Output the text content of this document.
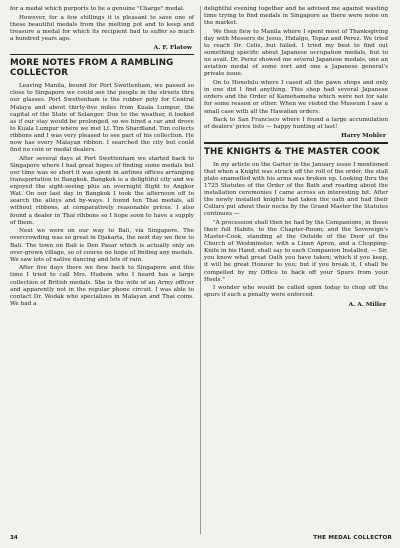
for a medal which purports to be a genuine "Charge" medal.

However, for a few shillings it is pleasant to save one of these beautiful medals from the melting pot and to keep and treasure a medal for which its recipient had to suffer so much a hundred years ago.

A. F. Flatow
MORE NOTES FROM A RAMBLING COLLECTOR

Leaving Manila, bound for Port Swettenham, we passed so close to Singapore we could see the people in the streets thru our glasses. Port Swettenham is the rubber poty for Central Malaya and about thirty-five miles from Kuala Lumpur, the capital of the State of Selangor. Due to the weather, it looked as if our stay would be prolonged, so we hired a car and drove to Kuala Lumpur where we met Lt. Tim Shardland. Tim collects ribbons and I was very pleased to see part of his collection. He now has every Malayan ribbon. I searched the city but could find no coin or medal dealers.

After several days at Port Swettenham we started back to Singapore where I had great hopes of finding some medals but our time was so short it was spent in airlines offices arranging transportation to Bangkok. Bangkok is a delightful city and we enjoyed the sight-seeing plus an overnight flight to Angkor Wat. On our last day in Bangkok I took the afternoon off to search the alleys and by-ways. I found ten Thai medals, all without ribbons, at comparatively reasonable prices. I also found a dealer in Thai ribbons so I hope soon to have a supply of them.

Next we were on our way to Bali, via Singapore. The overcrowding was so great in Djakarta, the next day we flew to Bali. The town on Bali is Den Pasar which is actually only an over-grown village, so of course no hope of finding any medals. We saw lots of native dancing and lots of rain.

After five days there we flew back to Singapore and this time I tried to call Mrs. Hudson who I heard has a large collection of British medals. She is the wife of an Army officer and apparently not in the regular phone circuit. I was able to contact Dr. Wodak who specializes in Malayan and Thai coins. We had a

delightful evening together and he advised me against wasting time trying to find medals in Singapore as there were none on the market.

We then flew to Manila where I spent most of Thanksgiving day with Messers de Jesus, Hidalgo, Topaz and Perez. We tried to reach Dr. Celis, but failed. I tried my best to find out something specific about Japanese occupation medals, but to no avail. Dr. Perez showed me several Japanese medals, one an aviation medal of some sort and one a Japanese general's private issue.

On to Honolulu where I cased all the pawn shops and only in one did I find anything. This shop had several Japanese orders and the Order of Kamehameha which were not for sale for some reason or other. When we visited the Museum I saw a small case with all the Hawaiian orders.

Back to San Francisco where I found a large accumulation of dealers' price lists — happy hunting at last!

Harry Mohler
THE KNIGHTS & THE MASTER COOK

In my article on the Garter in the January issue I mentioned that when a Knight was struck off the roll of the order, the stall plate enamelled with his arms was broken up. Looking thru the 1725 Statutes of the Order of the Bath and reading about the installation ceremonies I came across an interesting bit. After the newly installed knights had taken the oath and had their Collars put about their necks by the Grand Master the Statutes continues —

"A procession shall then be had by the Companions, in these their full Habits, to the Chapter-Room; and the Sovereign's Master-Cook, standing at the Outside of the Door of the Church of Westminster, with a Linen Apron, and a Chopping-Knife in his Hand, shall say to each Companion Installed, — Sir, you know what great Oath you have taken; which if you keep, it will be great Honour to you; but if you break it, I shall be compelled by my Office to back off your Spurs from your Heels."

I wonder who would be called upon today to chop off the spurs if such a penalty were enforced.

A. A. Miller
34	THE MEDAL COLLECTOR
